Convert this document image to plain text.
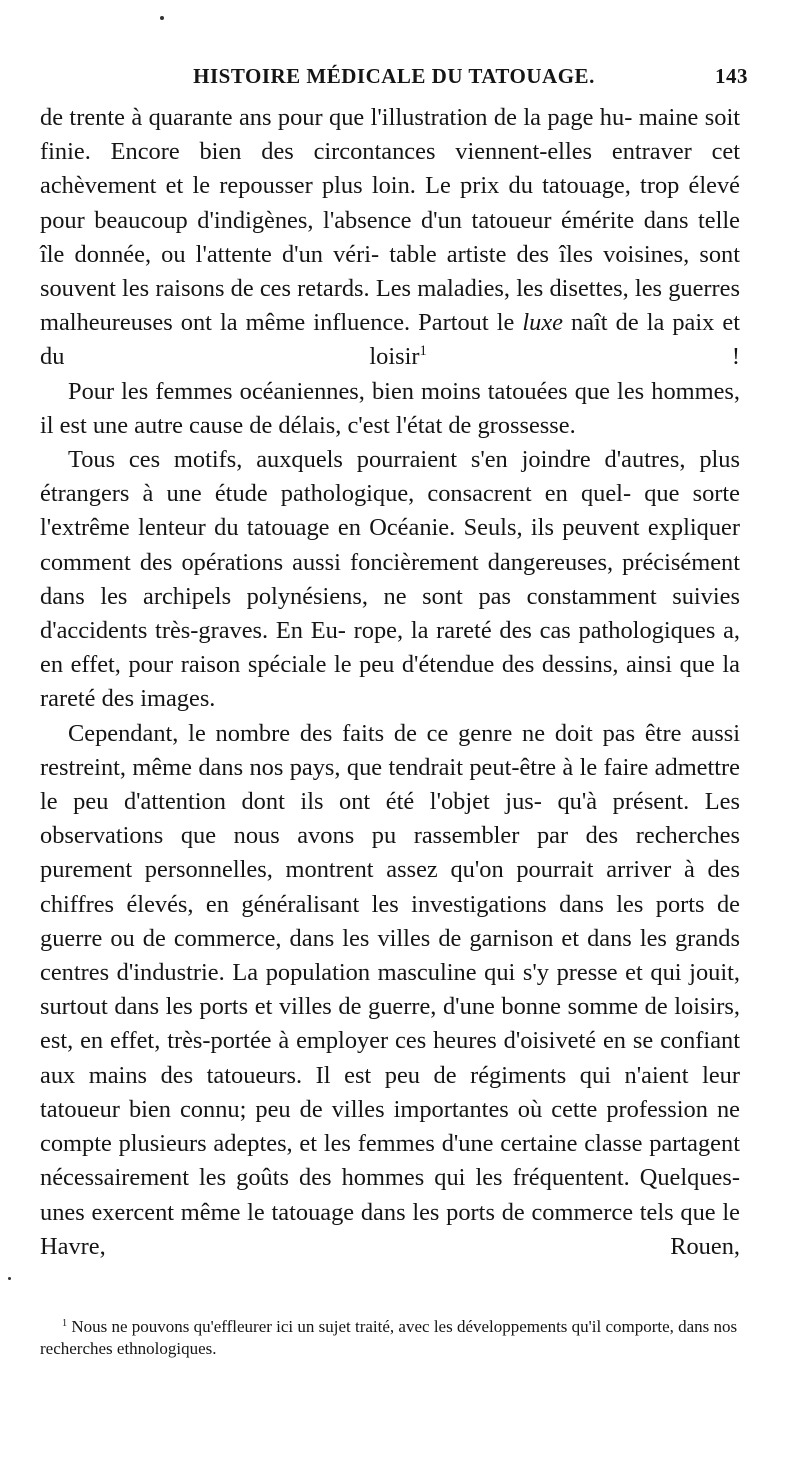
HISTOIRE MÉDICALE DU TATOUAGE.	143

de trente à quarante ans pour que l'illustration de la page hu- maine soit finie. Encore bien des circontances viennent-elles entraver cet achèvement et le repousser plus loin. Le prix du tatouage, trop élevé pour beaucoup d'indigènes, l'absence d'un tatoueur émérite dans telle île donnée, ou l'attente d'un véri- table artiste des îles voisines, sont souvent les raisons de ces retards. Les maladies, les disettes, les guerres malheureuses ont la même influence. Partout le luxe naît de la paix et du loisir$^1$ !

Pour les femmes océaniennes, bien moins tatouées que les hommes, il est une autre cause de délais, c'est l'état de grossesse.

Tous ces motifs, auxquels pourraient s'en joindre d'autres, plus étrangers à une étude pathologique, consacrent en quel- que sorte l'extrême lenteur du tatouage en Océanie. Seuls, ils peuvent expliquer comment des opérations aussi foncièrement dangereuses, précisément dans les archipels polynésiens, ne sont pas constamment suivies d'accidents très-graves. En Eu- rope, la rareté des cas pathologiques a, en effet, pour raison spéciale le peu d'étendue des dessins, ainsi que la rareté des images.

Cependant, le nombre des faits de ce genre ne doit pas être aussi restreint, même dans nos pays, que tendrait peut-être à le faire admettre le peu d'attention dont ils ont été l'objet jus- qu'à présent. Les observations que nous avons pu rassembler par des recherches purement personnelles, montrent assez qu'on pourrait arriver à des chiffres élevés, en généralisant les investigations dans les ports de guerre ou de commerce, dans les villes de garnison et dans les grands centres d'industrie. La population masculine qui s'y presse et qui jouit, surtout dans les ports et villes de guerre, d'une bonne somme de loisirs, est, en effet, très-portée à employer ces heures d'oisiveté en se confiant aux mains des tatoueurs. Il est peu de régiments qui n'aient leur tatoueur bien connu; peu de villes importantes où cette profession ne compte plusieurs adeptes, et les femmes d'une certaine classe partagent nécessairement les goûts des hommes qui les fréquentent. Quelques-unes exercent même le tatouage dans les ports de commerce tels que le Havre, Rouen,

$^1$ Nous ne pouvons qu'effleurer ici un sujet traité, avec les développements qu'il comporte, dans nos recherches ethnologiques.
